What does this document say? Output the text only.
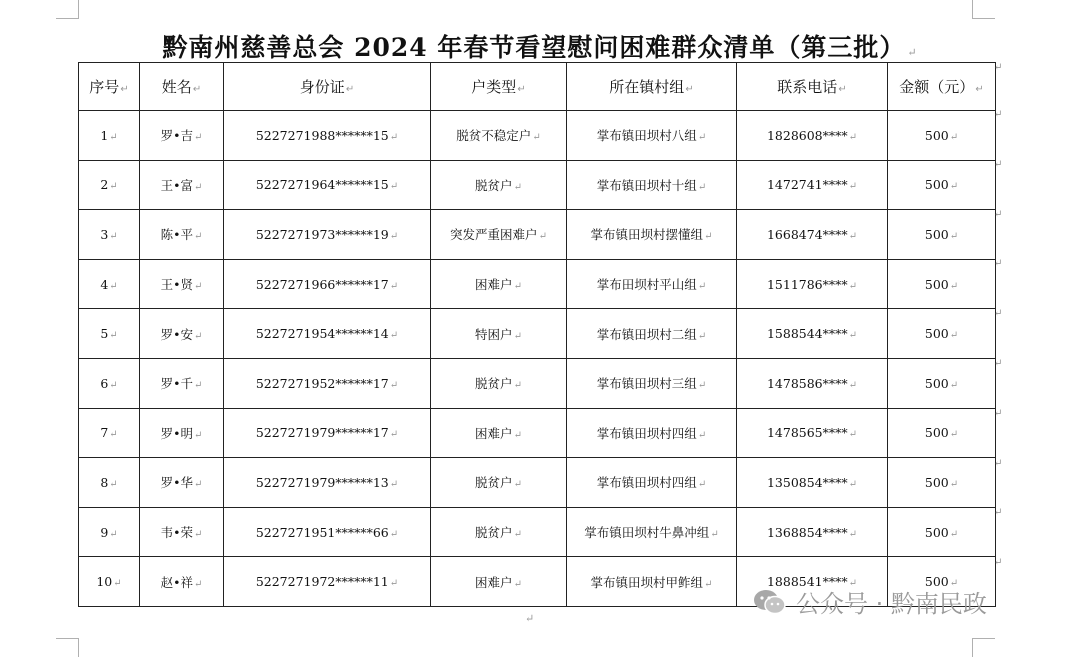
黔南州慈善总会 2024 年春节看望慰问困难群众清单（第三批） ↵
序号↵	姓名↵	身份证↵	户类型↵	所在镇村组↵	联系电话↵	金额（元）↵
1↵	罗•吉↵	5227271988******15↵	脱贫不稳定户↵	掌布镇田坝村八组↵	1828608****↵	500↵
2↵	王•富↵	5227271964******15↵	脱贫户↵	掌布镇田坝村十组↵	1472741****↵	500↵
3↵	陈•平↵	5227271973******19↵	突发严重困难户↵	掌布镇田坝村摆懂组↵	1668474****↵	500↵
4↵	王•贤↵	5227271966******17↵	困难户↵	掌布田坝村平山组↵	1511786****↵	500↵
5↵	罗•安↵	5227271954******14↵	特困户↵	掌布镇田坝村二组↵	1588544****↵	500↵
6↵	罗•千↵	5227271952******17↵	脱贫户↵	掌布镇田坝村三组↵	1478586****↵	500↵
7↵	罗•明↵	5227271979******17↵	困难户↵	掌布镇田坝村四组↵	1478565****↵	500↵
8↵	罗•华↵	5227271979******13↵	脱贫户↵	掌布镇田坝村四组↵	1350854****↵	500↵
9↵	韦•荣↵	5227271951******66↵	脱贫户↵	掌布镇田坝村牛鼻冲组↵	1368854****↵	500↵
10↵	赵•祥↵	5227271972******11↵	困难户↵	掌布镇田坝村甲鲊组↵	1888541****↵	500↵
↵
↵
↵
↵
↵
↵
↵
↵
↵
↵
↵
↵
公众号 · 黔南民政
